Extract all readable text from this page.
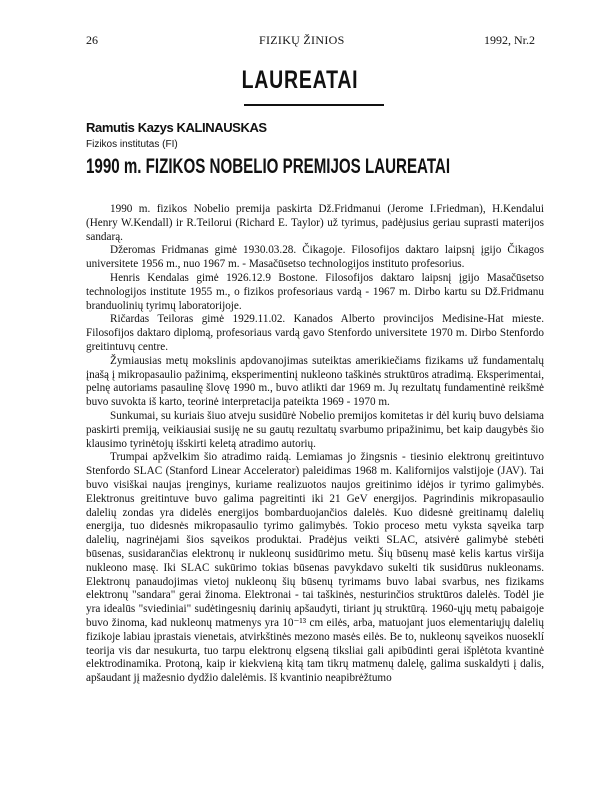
26	FIZIKŲ ŽINIOS	1992, Nr.2
LAUREATAI
Ramutis Kazys KALINAUSKAS
Fizikos institutas (FI)
1990 m. FIZIKOS NOBELIO PREMIJOS LAUREATAI

1990 m. fizikos Nobelio premija paskirta Dž.Fridmanui (Jerome I.Friedman), H.Kendalui (Henry W.Kendall) ir R.Teilorui (Richard E. Taylor) už tyrimus, padėjusius geriau suprasti materijos sandarą.

Džeromas Fridmanas gimė 1930.03.28. Čikagoje. Filosofijos daktaro laipsnį įgijo Čikagos universitete 1956 m., nuo 1967 m. - Masačūsetso technologijos instituto profesorius.

Henris Kendalas gimė 1926.12.9 Bostone. Filosofijos daktaro laipsnį įgijo Masačūsetso technologijos institute 1955 m., o fizikos profesoriaus vardą - 1967 m. Dirbo kartu su Dž.Fridmanu branduolinių tyrimų laboratorijoje.

Ričardas Teiloras gimė 1929.11.02. Kanados Alberto provincijos Medisine-Hat mieste. Filosofijos daktaro diplomą, profesoriaus vardą gavo Stenfordo universitete 1970 m. Dirbo Stenfordo greitintuvų centre.

Žymiausias metų mokslinis apdovanojimas suteiktas amerikiečiams fizikams už fundamentalų įnašą į mikropasaulio pažinimą, eksperimentinį nukleono taškinės struktūros atradimą. Eksperimentai, pelnę autoriams pasaulinę šlovę 1990 m., buvo atlikti dar 1969 m. Jų rezultatų fundamentinė reikšmė buvo suvokta iš karto, teorinė interpretacija pateikta 1969 - 1970 m.

Sunkumai, su kuriais šiuo atveju susidūrė Nobelio premijos komitetas ir dėl kurių buvo delsiama paskirti premiją, veikiausiai susiję ne su gautų rezultatų svarbumo pripažinimu, bet kaip daugybės šio klausimo tyrinėtojų išskirti keletą atradimo autorių.

Trumpai apžvelkim šio atradimo raidą. Lemiamas jo žingsnis - tiesinio elektronų greitintuvo Stenfordo SLAC (Stanford Linear Accelerator) paleidimas 1968 m. Kalifornijos valstijoje (JAV). Tai buvo visiškai naujas įrenginys, kuriame realizuotos naujos greitinimo idėjos ir tyrimo galimybės. Elektronus greitintuve buvo galima pagreitinti iki 21 GeV energijos. Pagrindinis mikropasaulio dalelių zondas yra didelės energijos bombarduojančios dalelės. Kuo didesnė greitinamų dalelių energija, tuo didesnės mikropasaulio tyrimo galimybės. Tokio proceso metu vyksta sąveika tarp dalelių, nagrinėjami šios sąveikos produktai. Pradėjus veikti SLAC, atsivėrė galimybė stebėti būsenas, susidarančias elektronų ir nukleonų susidūrimo metu. Šių būsenų masė kelis kartus viršija nukleono masę. Iki SLAC sukūrimo tokias būsenas pavykdavo sukelti tik susidūrus nukleonams. Elektronų panaudojimas vietoj nukleonų šių būsenų tyrimams buvo labai svarbus, nes fizikams elektronų "sandara" gerai žinoma. Elektronai - tai taškinės, nesturinčios struktūros dalelės. Todėl jie yra idealūs "sviediniai" sudėtingesnių darinių apšaudyti, tiriant jų struktūrą. 1960-ųjų metų pabaigoje buvo žinoma, kad nukleonų matmenys yra 10⁻¹³ cm eilės, arba, matuojant juos elementariųjų dalelių fizikoje labiau įprastais vienetais, atvirkštinės mezono masės eilės. Be to, nukleonų sąveikos nuoseklí teorija vis dar nesukurta, tuo tarpu elektronų elgseną tiksliai gali apibūdinti gerai išplėtota kvantinė elektrodinamika. Protoną, kaip ir kiekvieną kitą tam tikrų matmenų dalelę, galima suskaldyti į dalis, apšaudant jį mažesnio dydžio dalelėmis. Iš kvantinio neapibrėžtumo
